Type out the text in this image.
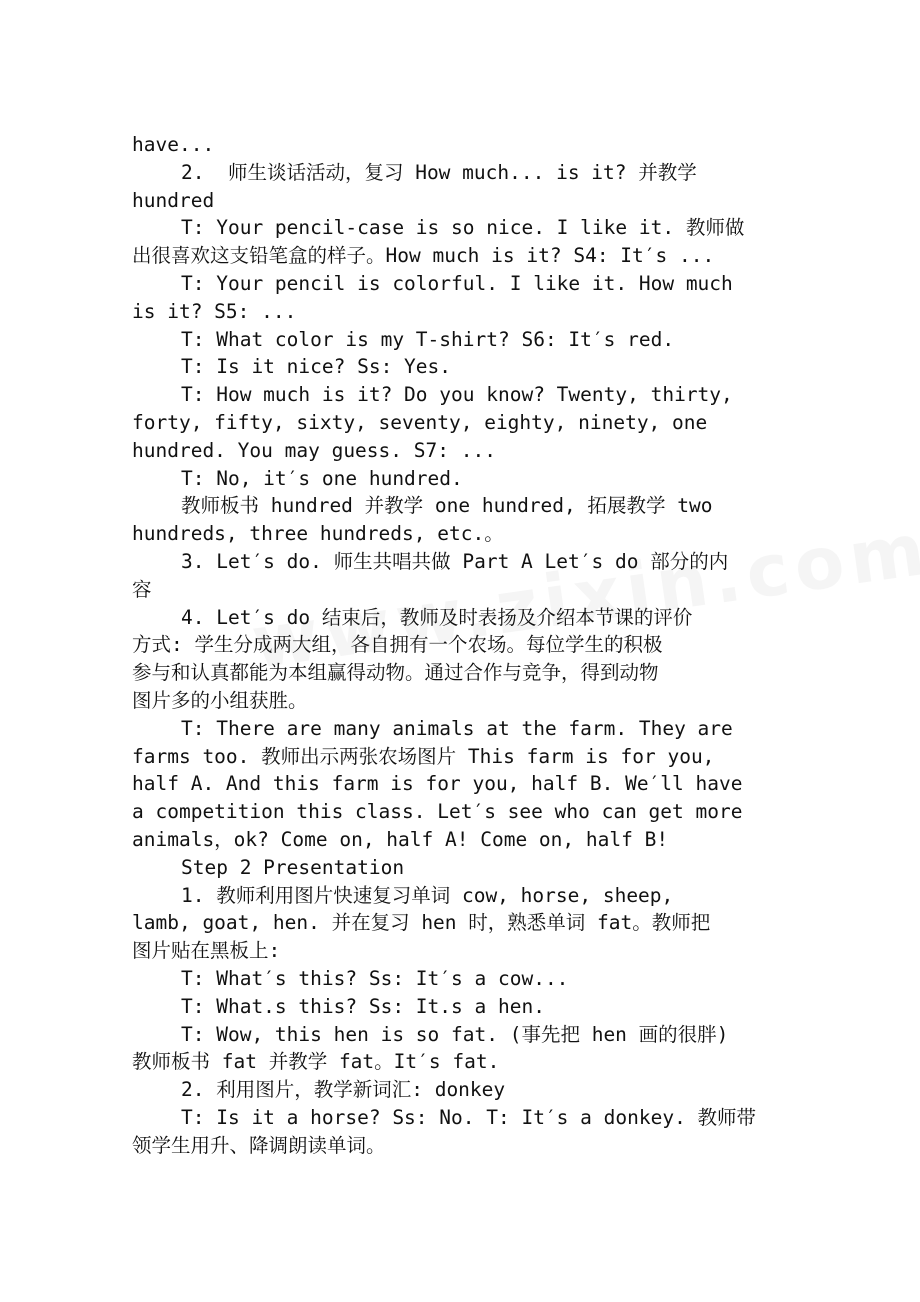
have...
2.  师生谈话活动，复习 How much... is it? 并教学
hundred
T: Your pencil-case is so nice. I like it. 教师做
出很喜欢这支铅笔盒的样子。How much is it? S4: It′s ...
T: Your pencil is colorful. I like it. How much
is it? S5: ...
T: What color is my T-shirt? S6: It′s red.
T: Is it nice? Ss: Yes.
T: How much is it? Do you know? Twenty, thirty,
forty, fifty, sixty, seventy, eighty, ninety, one
hundred. You may guess. S7: ...
T: No, it′s one hundred.
教师板书 hundred 并教学 one hundred, 拓展教学 two
hundreds, three hundreds, etc.。
3. Let′s do. 师生共唱共做 Part A Let′s do 部分的内
容
4. Let′s do 结束后，教师及时表扬及介绍本节课的评价
方式: 学生分成两大组，各自拥有一个农场。每位学生的积极
参与和认真都能为本组赢得动物。通过合作与竞争，得到动物
图片多的小组获胜。
T: There are many animals at the farm. They are
farms too. 教师出示两张农场图片 This farm is for you,
half A. And this farm is for you, half B. We′ll have
a competition this class. Let′s see who can get more
animals，ok? Come on, half A! Come on, half B!
Step 2 Presentation
1. 教师利用图片快速复习单词 cow, horse, sheep,
lamb, goat, hen. 并在复习 hen 时，熟悉单词 fat。教师把
图片贴在黑板上:
T: What′s this? Ss: It′s a cow...
T: What.s this? Ss: It.s a hen.
T: Wow, this hen is so fat. (事先把 hen 画的很胖)
教师板书 fat 并教学 fat。It′s fat.
2. 利用图片，教学新词汇: donkey
T: Is it a horse? Ss: No. T: It′s a donkey. 教师带
领学生用升、降调朗读单词。
